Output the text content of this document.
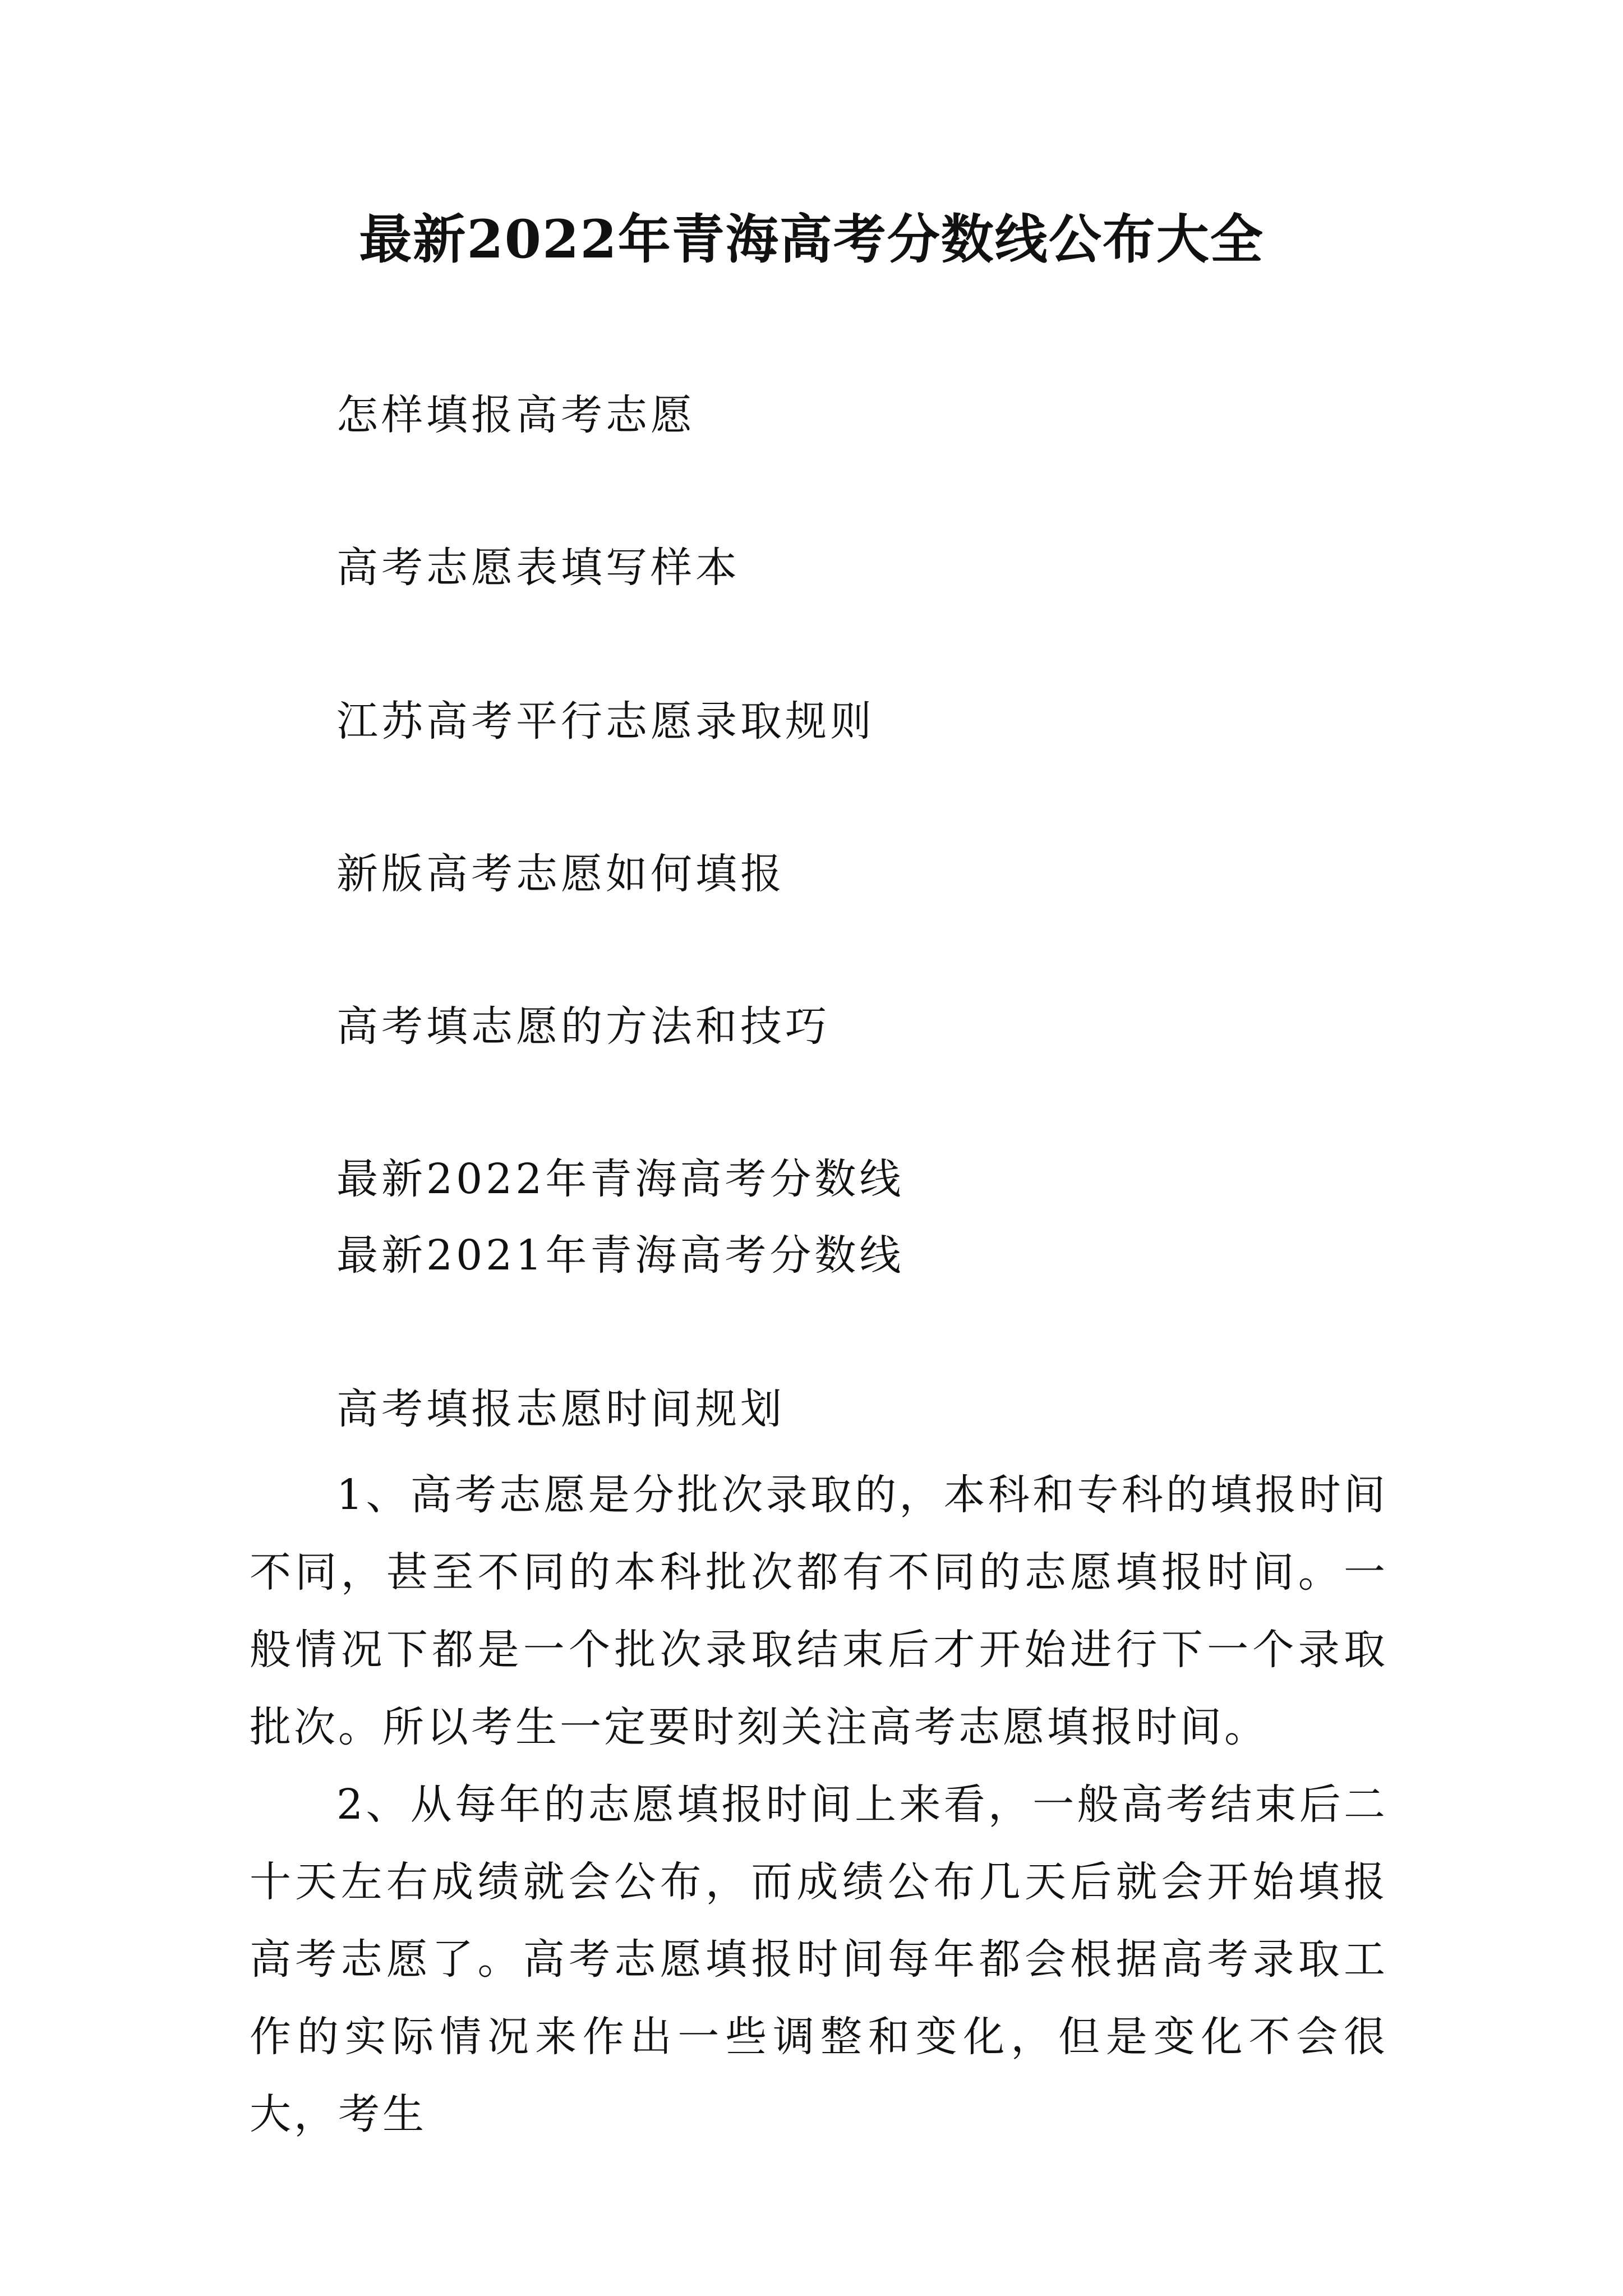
最新2022年青海高考分数线公布大全
怎样填报高考志愿
高考志愿表填写样本
江苏高考平行志愿录取规则
新版高考志愿如何填报
高考填志愿的方法和技巧
最新2022年青海高考分数线
最新2021年青海高考分数线
高考填报志愿时间规划

1、高考志愿是分批次录取的，本科和专科的填报时间不同，甚至不同的本科批次都有不同的志愿填报时间。一般情况下都是一个批次录取结束后才开始进行下一个录取批次。所以考生一定要时刻关注高考志愿填报时间。

2、从每年的志愿填报时间上来看，一般高考结束后二十天左右成绩就会公布，而成绩公布几天后就会开始填报高考志愿了。高考志愿填报时间每年都会根据高考录取工作的实际情况来作出一些调整和变化，但是变化不会很大，考生
